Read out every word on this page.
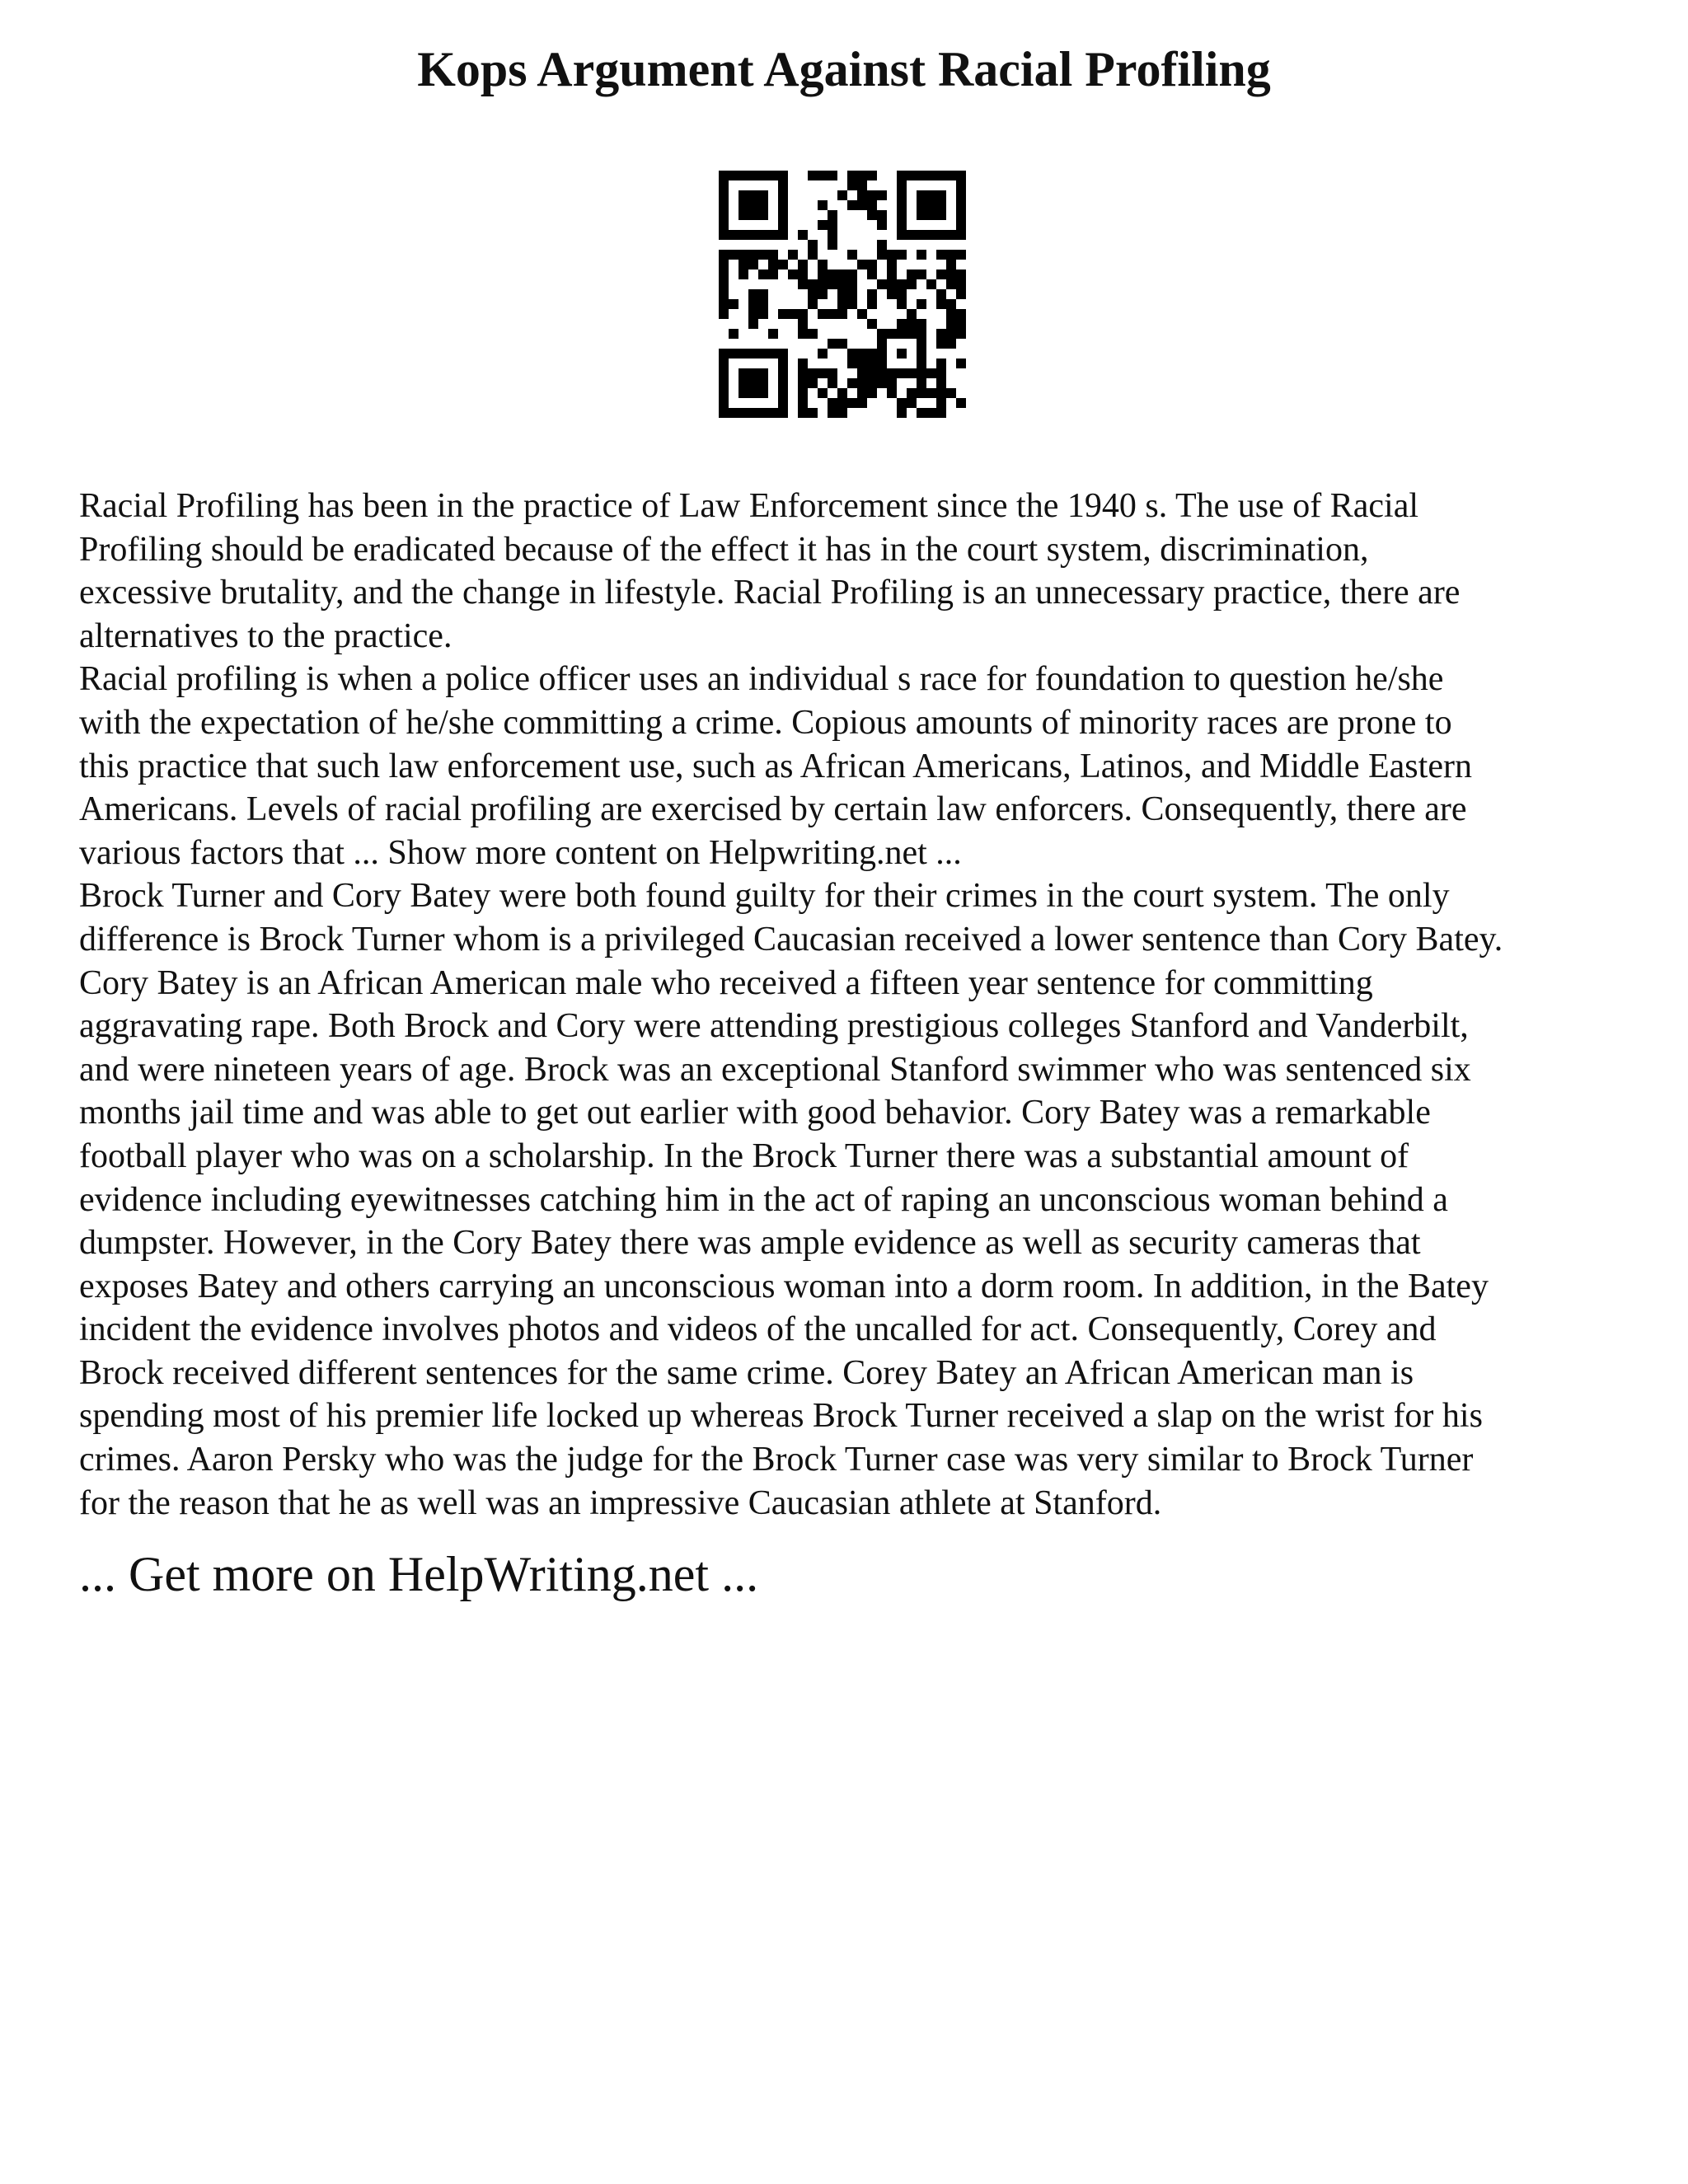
Kops Argument Against Racial Profiling

Racial Profiling has been in the practice of Law Enforcement since the 1940 s. The use of Racial
Profiling should be eradicated because of the effect it has in the court system, discrimination,
excessive brutality, and the change in lifestyle. Racial Profiling is an unnecessary practice, there are
alternatives to the practice.
Racial profiling is when a police officer uses an individual s race for foundation to question he/she
with the expectation of he/she committing a crime. Copious amounts of minority races are prone to
this practice that such law enforcement use, such as African Americans, Latinos, and Middle Eastern
Americans. Levels of racial profiling are exercised by certain law enforcers. Consequently, there are
various factors that ... Show more content on Helpwriting.net ...
Brock Turner and Cory Batey were both found guilty for their crimes in the court system. The only
difference is Brock Turner whom is a privileged Caucasian received a lower sentence than Cory Batey.
Cory Batey is an African American male who received a fifteen year sentence for committing
aggravating rape. Both Brock and Cory were attending prestigious colleges Stanford and Vanderbilt,
and were nineteen years of age. Brock was an exceptional Stanford swimmer who was sentenced six
months jail time and was able to get out earlier with good behavior. Cory Batey was a remarkable
football player who was on a scholarship. In the Brock Turner there was a substantial amount of
evidence including eyewitnesses catching him in the act of raping an unconscious woman behind a
dumpster. However, in the Cory Batey there was ample evidence as well as security cameras that
exposes Batey and others carrying an unconscious woman into a dorm room. In addition, in the Batey
incident the evidence involves photos and videos of the uncalled for act. Consequently, Corey and
Brock received different sentences for the same crime. Corey Batey an African American man is
spending most of his premier life locked up whereas Brock Turner received a slap on the wrist for his
crimes. Aaron Persky who was the judge for the Brock Turner case was very similar to Brock Turner
for the reason that he as well was an impressive Caucasian athlete at Stanford.

... Get more on HelpWriting.net ...
